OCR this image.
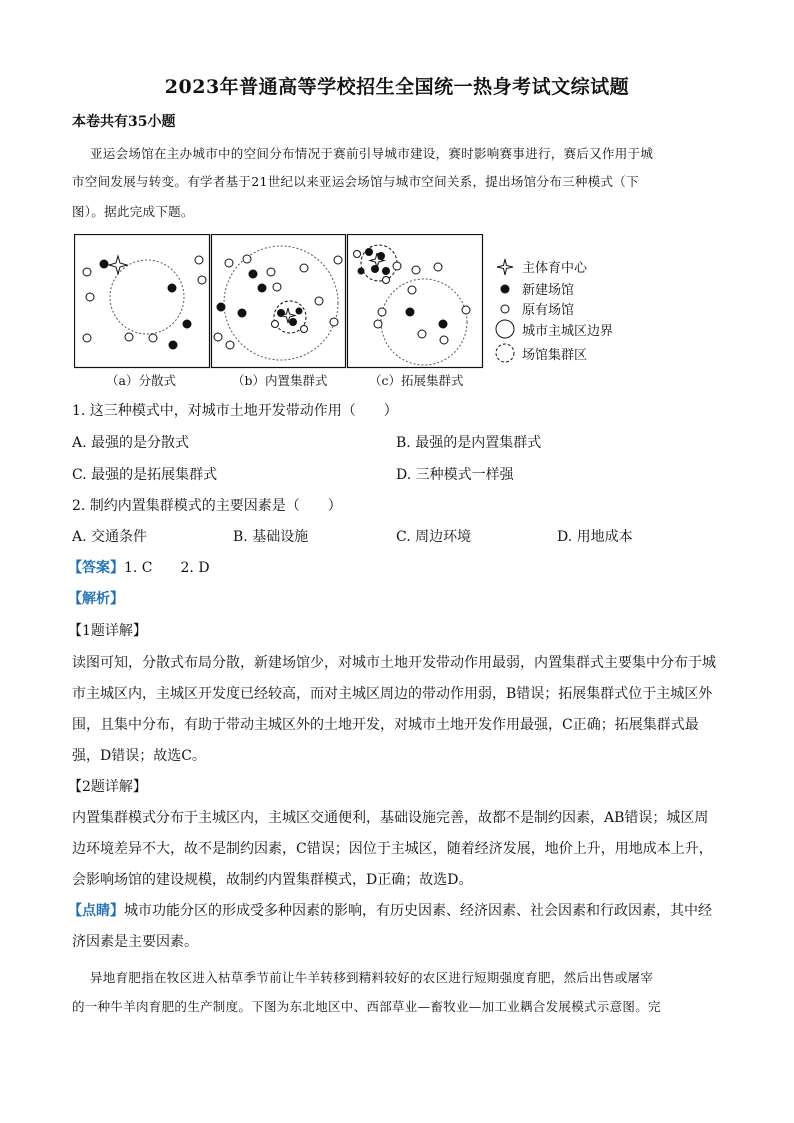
2023年普通高等学校招生全国统一热身考试文综试题
本卷共有35小题
亚运会场馆在主办城市中的空间分布情况于赛前引导城市建设，赛时影响赛事进行，赛后又作用于城
市空间发展与转变。有学者基于21世纪以来亚运会场馆与城市空间关系，提出场馆分布三种模式（下
图）。据此完成下题。
（a）分散式	（b）内置集群式	（c）拓展集群式
主体育中心
新建场馆
原有场馆
城市主城区边界
场馆集群区
1. 这三种模式中，对城市土地开发带动作用（　　）
A. 最强的是分散式	B. 最强的是内置集群式
C. 最强的是拓展集群式	D. 三种模式一样强
2. 制约内置集群模式的主要因素是（　　）
A. 交通条件	B. 基础设施	C. 周边环境	D. 用地成本
【答案】1. C　　2. D
【解析】
【1题详解】
读图可知，分散式布局分散，新建场馆少，对城市土地开发带动作用最弱，内置集群式主要集中分布于城
市主城区内，主城区开发度已经较高，而对主城区周边的带动作用弱，B错误；拓展集群式位于主城区外
围，且集中分布，有助于带动主城区外的土地开发，对城市土地开发作用最强，C正确；拓展集群式最
强，D错误；故选C。
【2题详解】
内置集群模式分布于主城区内，主城区交通便利，基础设施完善，故都不是制约因素，AB错误；城区周
边环境差异不大，故不是制约因素，C错误；因位于主城区，随着经济发展，地价上升，用地成本上升，
会影响场馆的建设规模，故制约内置集群模式，D正确；故选D。
【点睛】城市功能分区的形成受多种因素的影响，有历史因素、经济因素、社会因素和行政因素，其中经
济因素是主要因素。
异地育肥指在牧区进入枯草季节前让牛羊转移到精料较好的农区进行短期强度育肥，然后出售或屠宰
的一种牛羊肉育肥的生产制度。下图为东北地区中、西部草业—畜牧业—加工业耦合发展模式示意图。完
